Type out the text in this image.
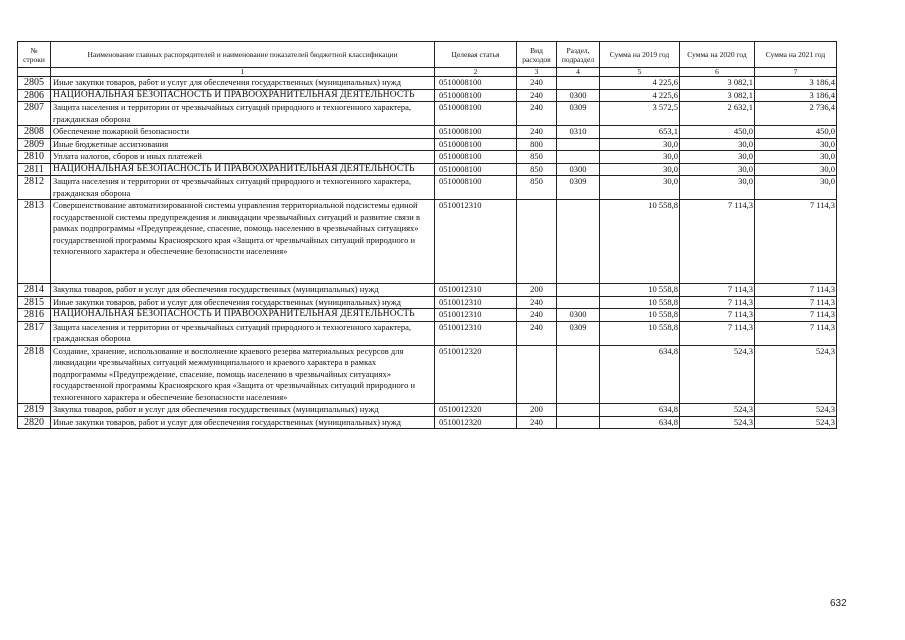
№ строки	Наименование главных распорядителей и наименование показателей бюджетной классификации	Целевая статья	Вид расходов	Раздел, подраздел	Сумма на 2019 год	Сумма на 2020 год	Сумма на 2021 год
	1	2	3	4	5	6	7
2805	Иные закупки товаров, работ и услуг для обеспечения государственных (муниципальных) нужд	0510008100	240		4 225,6	3 082,1	3 186,4
2806	НАЦИОНАЛЬНАЯ БЕЗОПАСНОСТЬ И ПРАВООХРАНИТЕЛЬНАЯ ДЕЯТЕЛЬНОСТЬ	0510008100	240	0300	4 225,6	3 082,1	3 186,4
2807	Защита населения и территории от чрезвычайных ситуаций природного и техногенного характера, гражданская оборона	0510008100	240	0309	3 572,5	2 632,1	2 736,4
2808	Обеспечение пожарной безопасности	0510008100	240	0310	653,1	450,0	450,0
2809	Иные бюджетные ассигнования	0510008100	800		30,0	30,0	30,0
2810	Уплата налогов, сборов и иных платежей	0510008100	850		30,0	30,0	30,0
2811	НАЦИОНАЛЬНАЯ БЕЗОПАСНОСТЬ И ПРАВООХРАНИТЕЛЬНАЯ ДЕЯТЕЛЬНОСТЬ	0510008100	850	0300	30,0	30,0	30,0
2812	Защита населения и территории от чрезвычайных ситуаций природного и техногенного характера, гражданская оборона	0510008100	850	0309	30,0	30,0	30,0
2813	Совершенствование автоматизированной системы управления территориальной подсистемы единой государственной системы предупреждения и ликвидации чрезвычайных ситуаций и развитие связи в рамках подпрограммы «Предупреждение, спасение, помощь населению в чрезвычайных ситуациях» государственной программы Красноярского края «Защита от чрезвычайных ситуаций природного и техногенного характера и обеспечение безопасности населения»	0510012310			10 558,8	7 114,3	7 114,3
2814	Закупка товаров, работ и услуг для обеспечения государственных (муниципальных) нужд	0510012310	200		10 558,8	7 114,3	7 114,3
2815	Иные закупки товаров, работ и услуг для обеспечения государственных (муниципальных) нужд	0510012310	240		10 558,8	7 114,3	7 114,3
2816	НАЦИОНАЛЬНАЯ БЕЗОПАСНОСТЬ И ПРАВООХРАНИТЕЛЬНАЯ ДЕЯТЕЛЬНОСТЬ	0510012310	240	0300	10 558,8	7 114,3	7 114,3
2817	Защита населения и территории от чрезвычайных ситуаций природного и техногенного характера, гражданская оборона	0510012310	240	0309	10 558,8	7 114,3	7 114,3
2818	Создание, хранение, использование и восполнение краевого резерва материальных ресурсов для ликвидации чрезвычайных ситуаций межмуниципального и краевого характера в рамках подпрограммы «Предупреждение, спасение, помощь населению в чрезвычайных ситуациях» государственной программы Красноярского края «Защита от чрезвычайных ситуаций природного и техногенного характера и обеспечение безопасности населения»	0510012320			634,8	524,3	524,3
2819	Закупка товаров, работ и услуг для обеспечения государственных (муниципальных) нужд	0510012320	200		634,8	524,3	524,3
2820	Иные закупки товаров, работ и услуг для обеспечения государственных (муниципальных) нужд	0510012320	240		634,8	524,3	524,3
632
